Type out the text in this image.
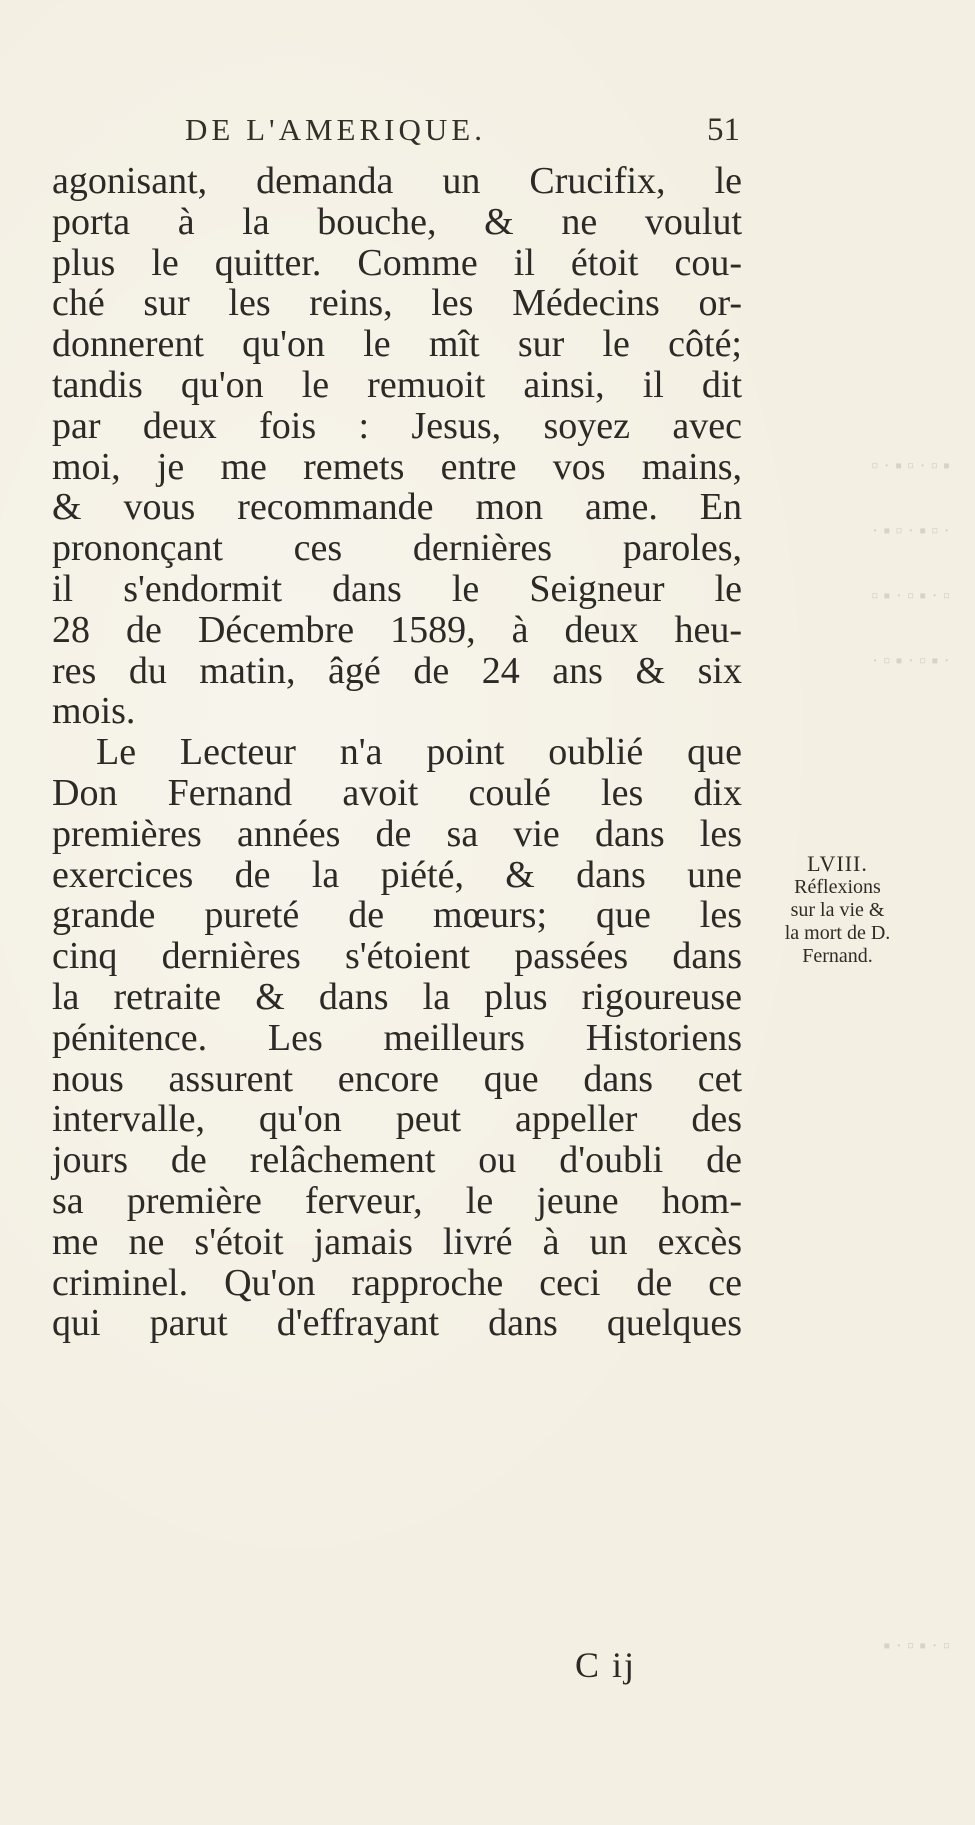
DE L'AMERIQUE.	51
agonisant, demanda un Crucifix, le
porta à la bouche, & ne voulut
plus le quitter. Comme il étoit cou-
ché sur les reins, les Médecins or-
donnerent qu'on le mît sur le côté;
tandis qu'on le remuoit ainsi, il dit
par deux fois : Jesus, soyez avec
moi, je me remets entre vos mains,
& vous recommande mon ame. En
prononçant ces dernières paroles,
il s'endormit dans le Seigneur le
28 de Décembre 1589, à deux heu-
res du matin, âgé de 24 ans & six
mois.
Le Lecteur n'a point oublié que
Don Fernand avoit coulé les dix
premières années de sa vie dans les
exercices de la piété, & dans une
grande pureté de mœurs; que les
cinq dernières s'étoient passées dans
la retraite & dans la plus rigoureuse
pénitence. Les meilleurs Historiens
nous assurent encore que dans cet
intervalle, qu'on peut appeller des
jours de relâchement ou d'oubli de
sa première ferveur, le jeune hom-
me ne s'étoit jamais livré à un excès
criminel. Qu'on rapproche ceci de ce
qui parut d'effrayant dans quelques
LVIII.
Réflexions
sur la vie &
la mort de D.
Fernand.
C ij
▪ ▫ · ▫ ▪ · ▫
· ▫ ▪ · ▫ ▪ ·
▫ · ▪ ▫ · ▪ ▫
· ▪ ▫ · ▪ ▫ ·
▫ · ▪ ▫ · ▪
